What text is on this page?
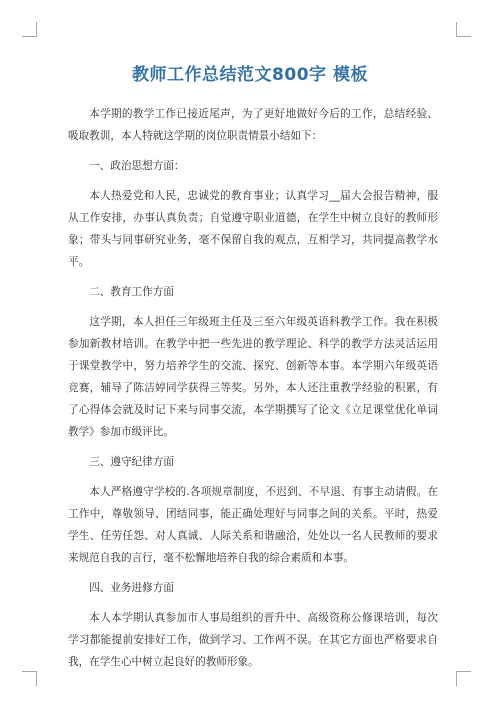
教师工作总结范文800字 模板

本学期的教学工作已接近尾声，为了更好地做好今后的工作，总结经验、吸取教训，本人特就这学期的岗位职责情景小结如下：

一、政治思想方面：

本人热爱党和人民，忠诚党的教育事业；认真学习__届大会报告精神，服从工作安排，办事认真负责；自觉遵守职业道德，在学生中树立良好的教师形象；带头与同事研究业务，毫不保留自我的观点，互相学习，共同提高教学水平。

二、教育工作方面

这学期，本人担任三年级班主任及三至六年级英语科教学工作。我在积极参加新教材培训。在教学中把一些先进的教学理论、科学的教学方法灵活运用于课堂教学中，努力培养学生的交流、探究、创新等本事。本学期六年级英语竞赛，辅导了陈洁婷同学获得三等奖。另外，本人还注重教学经验的积累，有了心得体会就及时记下来与同事交流，本学期撰写了论文《立足课堂优化单词教学》参加市级评比。

三、遵守纪律方面

本人严格遵守学校的.各项规章制度，不迟到、不早退、有事主动请假。在工作中，尊敬领导、团结同事，能正确处理好与同事之间的关系。平时，热爱学生、任劳任怨、对人真诚、人际关系和谐融洽，处处以一名人民教师的要求来规范自我的言行，毫不松懈地培养自我的综合素质和本事。

四、业务进修方面

本人本学期认真参加市人事局组织的晋升中、高级资称公修课培训，每次学习都能提前安排好工作，做到学习、工作两不误。在其它方面也严格要求自我，在学生心中树立起良好的教师形象。
